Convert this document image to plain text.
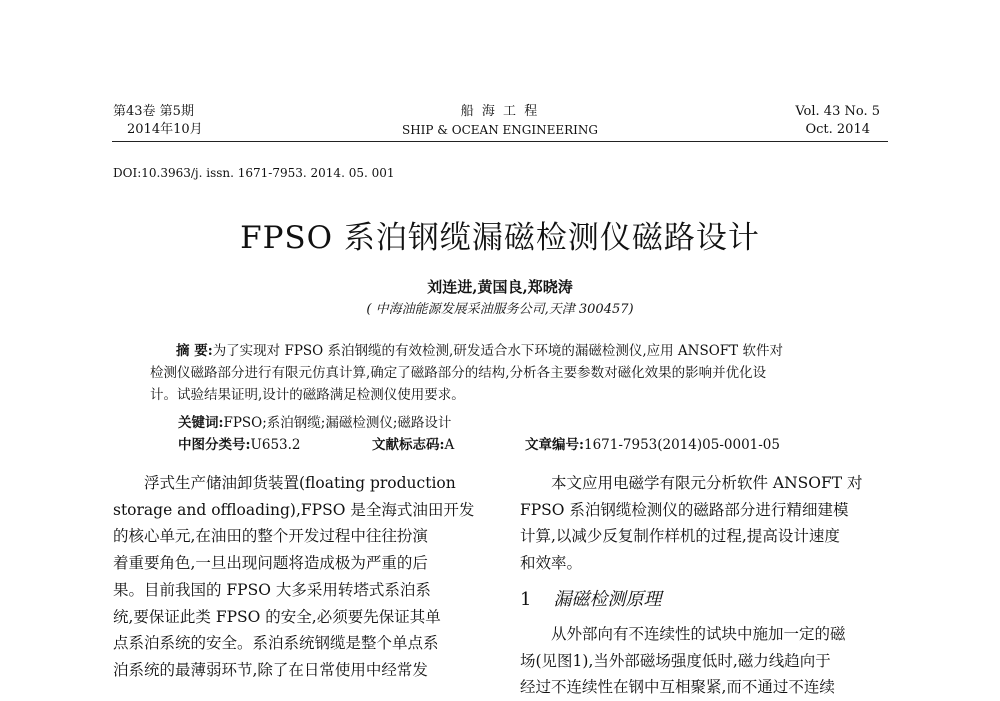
第43卷 第5期
2014年10月
船 海 工 程
SHIP & OCEAN ENGINEERING
Vol. 43 No. 5
Oct. 2014
DOI:10.3963/j. issn. 1671-7953. 2014. 05. 001
FPSO 系泊钢缆漏磁检测仪磁路设计
刘连进,黄国良,郑晓涛
( 中海油能源发展采油服务公司,天津 300457)

摘 要:为了实现对 FPSO 系泊钢缆的有效检测,研发适合水下环境的漏磁检测仪,应用 ANSOFT 软件对

检测仪磁路部分进行有限元仿真计算,确定了磁路部分的结构,分析各主要参数对磁化效果的影响并优化设

计。试验结果证明,设计的磁路满足检测仪使用要求。

关键词:FPSO;系泊钢缆;漏磁检测仪;磁路设计
中图分类号:U653.2	文献标志码:A	文章编号:1671-7953(2014)05-0001-05

浮式生产储油卸货装置(floating production

storage and offloading),FPSO 是全海式油田开发

的核心单元,在油田的整个开发过程中往往扮演

着重要角色,一旦出现问题将造成极为严重的后

果。目前我国的 FPSO 大多采用转塔式系泊系

统,要保证此类 FPSO 的安全,必须要先保证其单

点系泊系统的安全。系泊系统钢缆是整个单点系

泊系统的最薄弱环节,除了在日常使用中经常发

本文应用电磁学有限元分析软件 ANSOFT 对

FPSO 系泊钢缆检测仪的磁路部分进行精细建模

计算,以减少反复制作样机的过程,提高设计速度

和效率。

1 漏磁检测原理

从外部向有不连续性的试块中施加一定的磁

场(见图1),当外部磁场强度低时,磁力线趋向于

经过不连续性在钢中互相聚紧,而不通过不连续
